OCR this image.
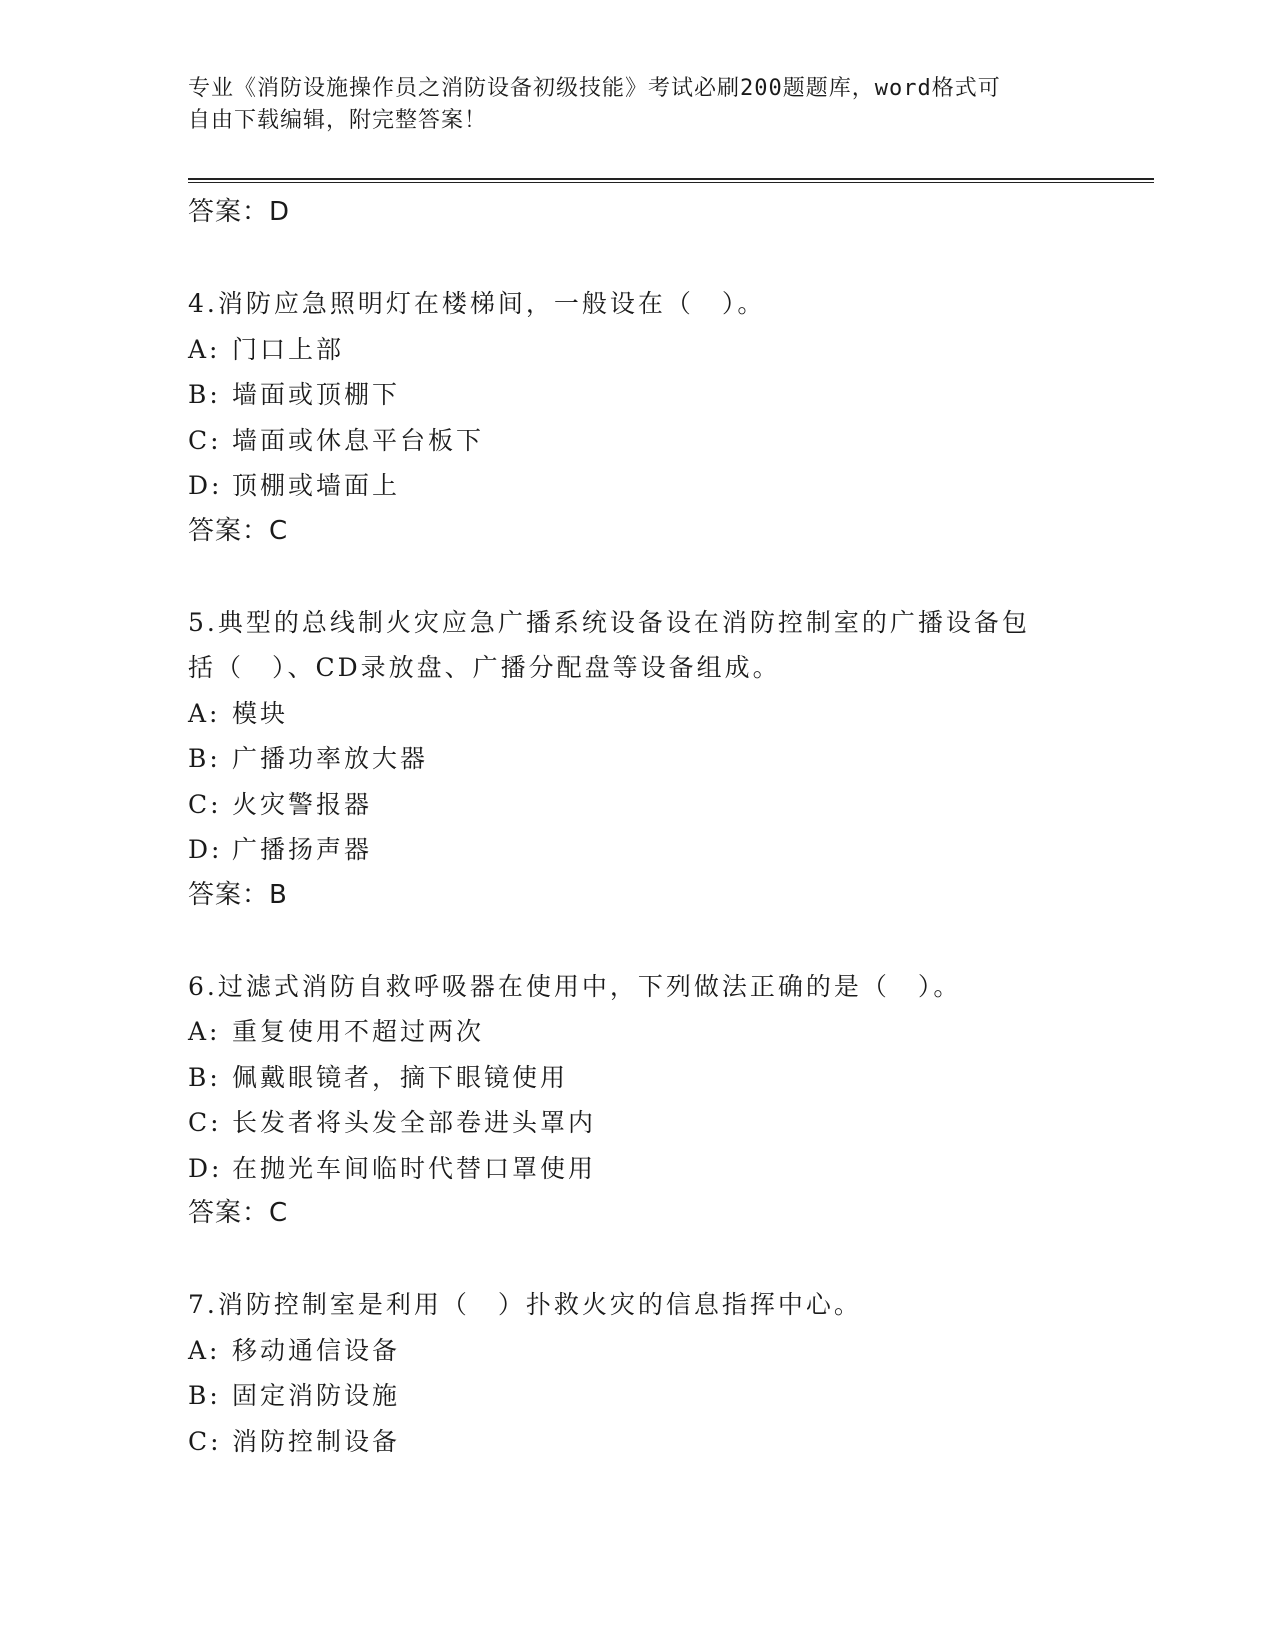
专业《消防设施操作员之消防设备初级技能》考试必刷200题题库，word格式可
自由下载编辑，附完整答案！
答案：D
4.消防应急照明灯在楼梯间，一般设在（　）。
A: 门口上部
B: 墙面或顶棚下
C: 墙面或休息平台板下
D: 顶棚或墙面上
答案：C
5.典型的总线制火灾应急广播系统设备设在消防控制室的广播设备包
括（　）、CD录放盘、广播分配盘等设备组成。
A: 模块
B: 广播功率放大器
C: 火灾警报器
D: 广播扬声器
答案：B
6.过滤式消防自救呼吸器在使用中，下列做法正确的是（　）。
A: 重复使用不超过两次
B: 佩戴眼镜者，摘下眼镜使用
C: 长发者将头发全部卷进头罩内
D: 在抛光车间临时代替口罩使用
答案：C
7.消防控制室是利用（　）扑救火灾的信息指挥中心。
A: 移动通信设备
B: 固定消防设施
C: 消防控制设备
